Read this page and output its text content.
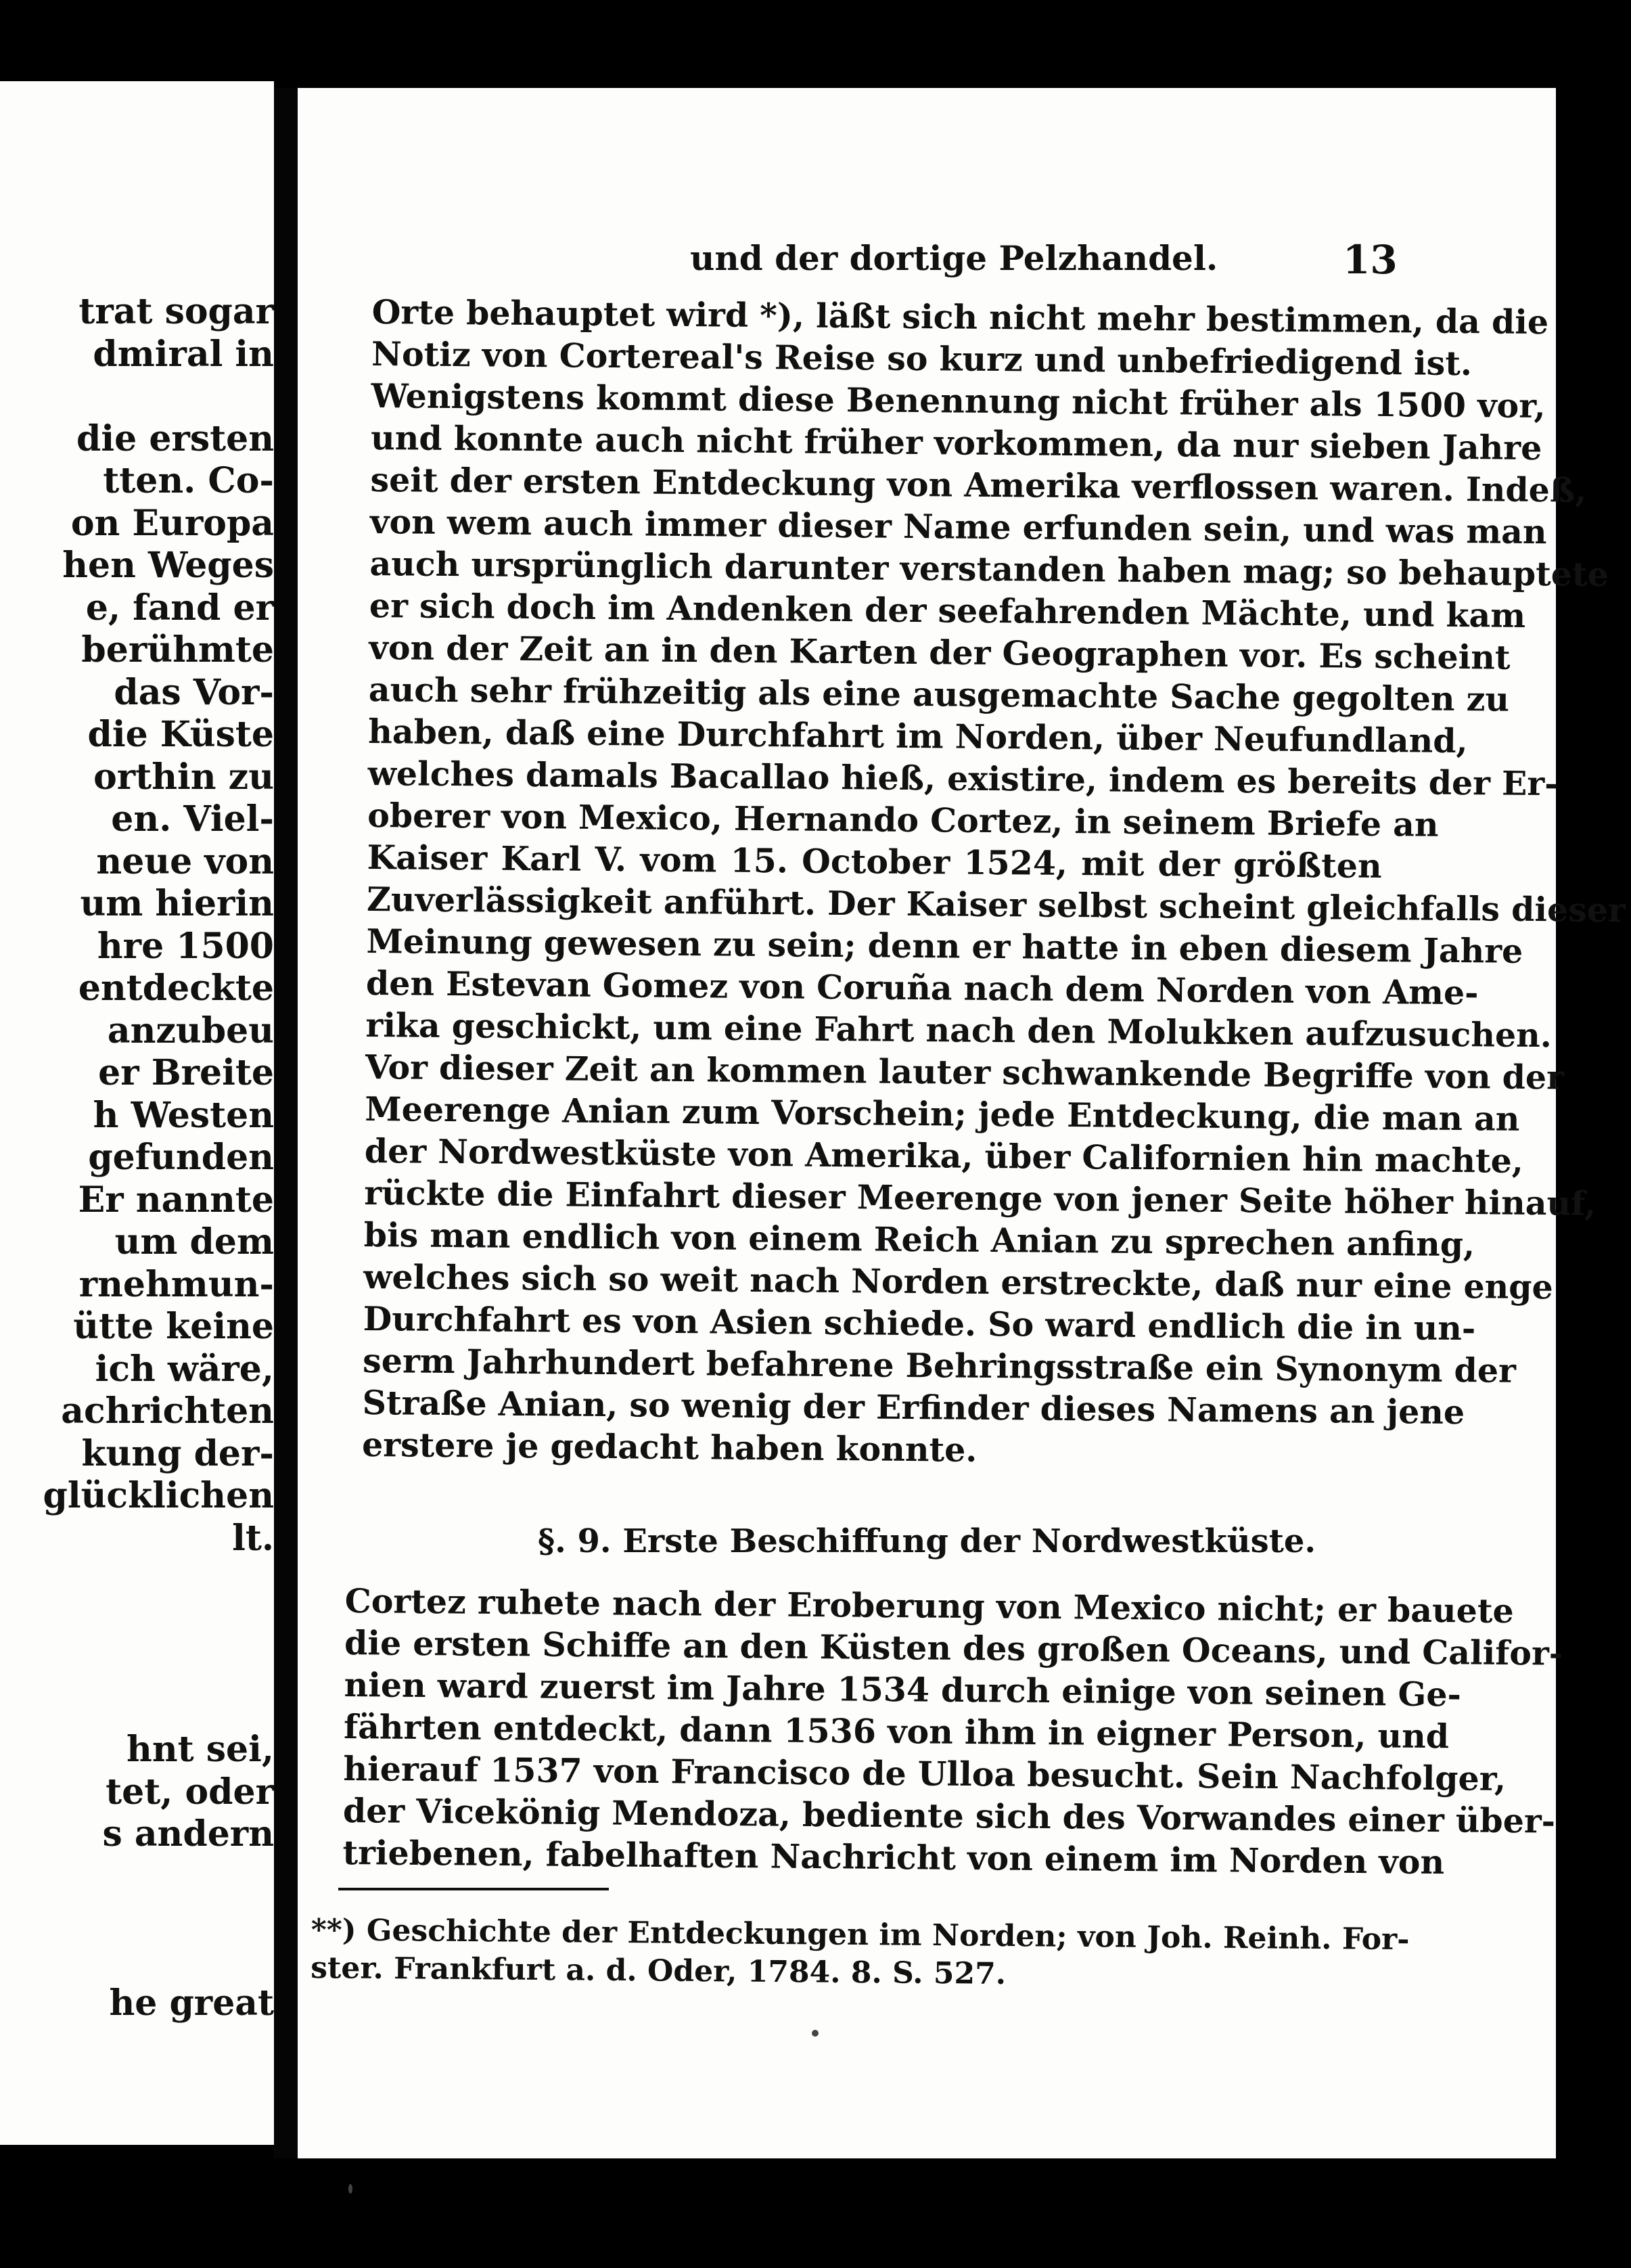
trat sogar
dmiral in
die ersten
tten. Co-
on Europa
hen Weges
e, fand er
berühmte
das Vor-
die Küste
orthin zu
en. Viel-
neue von
um hierin
hre 1500
entdeckte
anzubeu
er Breite
h Westen
gefunden
Er nannte
um dem
rnehmun-
ütte keine
ich wäre,
achrichten
kung der-
glücklichen
lt.
hnt sei,
tet, oder
s andern
he great
und der dortige Pelzhandel.	13
Orte behauptet wird *), läßt sich nicht mehr bestimmen, da die
Notiz von Cortereal's Reise so kurz und unbefriedigend ist.
Wenigstens kommt diese Benennung nicht früher als 1500 vor,
und konnte auch nicht früher vorkommen, da nur sieben Jahre
seit der ersten Entdeckung von Amerika verflossen waren. Indeß,
von wem auch immer dieser Name erfunden sein, und was man
auch ursprünglich darunter verstanden haben mag; so behauptete
er sich doch im Andenken der seefahrenden Mächte, und kam
von der Zeit an in den Karten der Geographen vor. Es scheint
auch sehr frühzeitig als eine ausgemachte Sache gegolten zu
haben, daß eine Durchfahrt im Norden, über Neufundland,
welches damals Bacallao hieß, existire, indem es bereits der Er-
oberer von Mexico, Hernando Cortez, in seinem Briefe an
Kaiser Karl V. vom 15. October 1524, mit der größten
Zuverlässigkeit anführt. Der Kaiser selbst scheint gleichfalls dieser
Meinung gewesen zu sein; denn er hatte in eben diesem Jahre
den Estevan Gomez von Coruña nach dem Norden von Ame-
rika geschickt, um eine Fahrt nach den Molukken aufzusuchen.
Vor dieser Zeit an kommen lauter schwankende Begriffe von der
Meerenge Anian zum Vorschein; jede Entdeckung, die man an
der Nordwestküste von Amerika, über Californien hin machte,
rückte die Einfahrt dieser Meerenge von jener Seite höher hinauf,
bis man endlich von einem Reich Anian zu sprechen anfing,
welches sich so weit nach Norden erstreckte, daß nur eine enge
Durchfahrt es von Asien schiede. So ward endlich die in un-
serm Jahrhundert befahrene Behringsstraße ein Synonym der
Straße Anian, so wenig der Erfinder dieses Namens an jene
erstere je gedacht haben konnte.
§. 9. Erste Beschiffung der Nordwestküste.
Cortez ruhete nach der Eroberung von Mexico nicht; er bauete
die ersten Schiffe an den Küsten des großen Oceans, und Califor-
nien ward zuerst im Jahre 1534 durch einige von seinen Ge-
fährten entdeckt, dann 1536 von ihm in eigner Person, und
hierauf 1537 von Francisco de Ulloa besucht. Sein Nachfolger,
der Vicekönig Mendoza, bediente sich des Vorwandes einer über-
triebenen, fabelhaften Nachricht von einem im Norden von
**) Geschichte der Entdeckungen im Norden; von Joh. Reinh. For-
ster. Frankfurt a. d. Oder, 1784. 8. S. 527.
